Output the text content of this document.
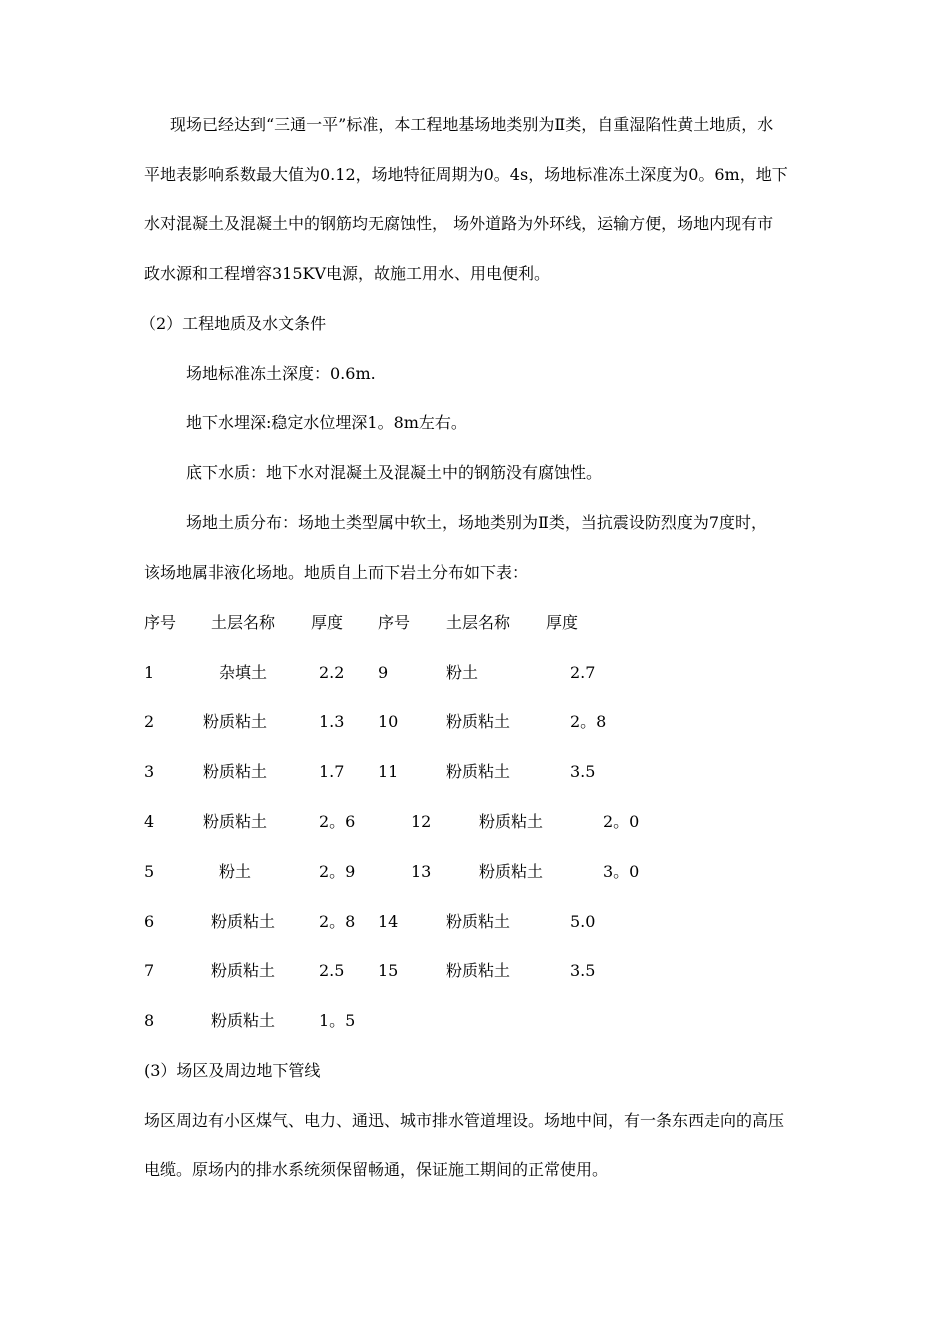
现场已经达到“三通一平”标准，本工程地基场地类别为Ⅱ类，自重湿陷性黄土地质，水
平地表影响系数最大值为0.12，场地特征周期为0。4s，场地标准冻土深度为0。6m，地下
水对混凝土及混凝土中的钢筋均无腐蚀性， 场外道路为外环线，运输方便，场地内现有市
政水源和工程增容315KV电源，故施工用水、用电便利。
（2）工程地质及水文条件
场地标准冻土深度：0.6m.
地下水埋深:稳定水位埋深1。8m左右。
底下水质：地下水对混凝土及混凝土中的钢筋没有腐蚀性。
场地土质分布：场地土类型属中软土，场地类别为Ⅱ类，当抗震设防烈度为7度时，
该场地属非液化场地。地质自上而下岩土分布如下表：
序号 土层名称 厚度 序号 土层名称 厚度
1	杂填土	2.2 9	粉土	2.7
2	粉质粘土	1.3 10	粉质粘土	2。8
3	粉质粘土	1.7 11	粉质粘土	3.5
4	粉质粘土	2。6	12	粉质粘土	2。0
5	粉土	2。9	13	粉质粘土	3。0
6	粉质粘土	2。8 14	粉质粘土	5.0
7	粉质粘土	2.5 15	粉质粘土	3.5
8	粉质粘土	1。5
(3）场区及周边地下管线
场区周边有小区煤气、电力、通迅、城市排水管道埋设。场地中间，有一条东西走向的高压
电缆。原场内的排水系统须保留畅通，保证施工期间的正常使用。
